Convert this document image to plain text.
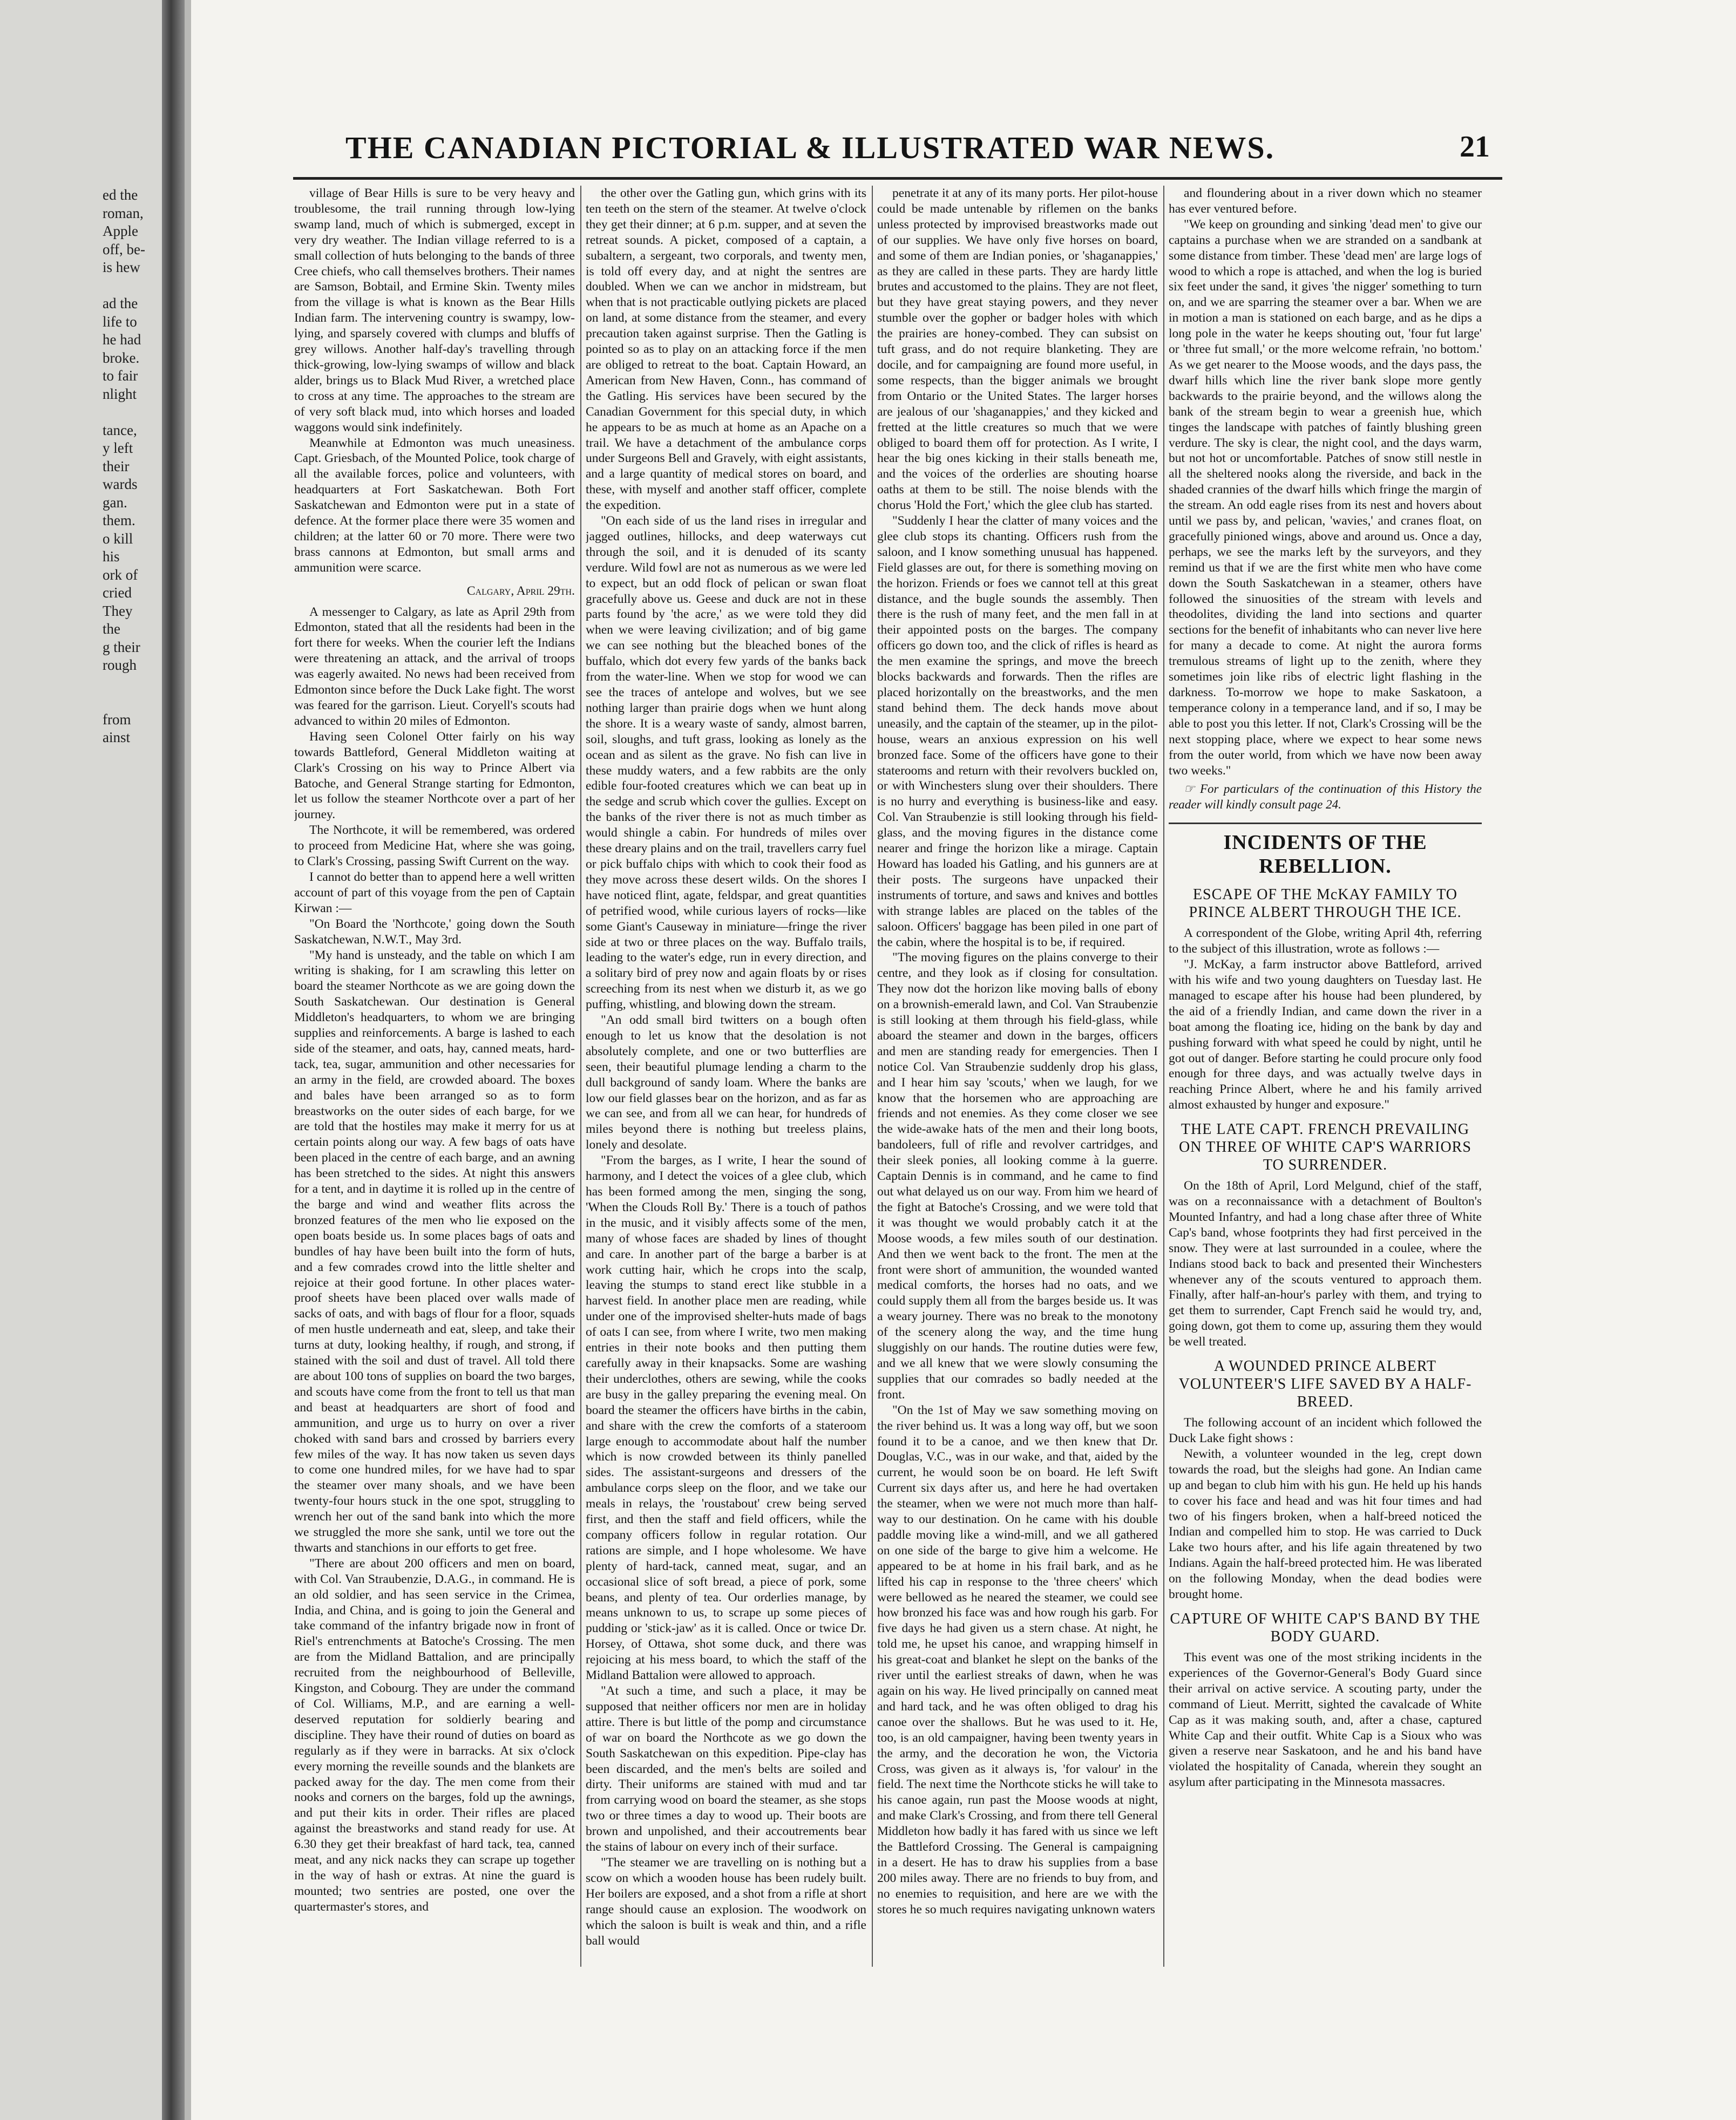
ed the
roman,
Apple
off, be-
is hew
ad the
life to
he had
broke.
to fair
nlight
tance,
y left
their
wards
gan.
them.
o kill
his
ork of
cried
They
the
g their
rough
from
ainst
THE CANADIAN PICTORIAL & ILLUSTRATED WAR NEWS.	21

village of Bear Hills is sure to be very heavy and troublesome, the trail running through low-lying swamp land, much of which is submerged, except in very dry weather. The Indian village referred to is a small collection of huts belonging to the bands of three Cree chiefs, who call themselves brothers. Their names are Samson, Bobtail, and Ermine Skin. Twenty miles from the village is what is known as the Bear Hills Indian farm. The intervening country is swampy, low-lying, and sparsely covered with clumps and bluffs of grey willows. Another half-day's travelling through thick-growing, low-lying swamps of willow and black alder, brings us to Black Mud River, a wretched place to cross at any time. The approaches to the stream are of very soft black mud, into which horses and loaded waggons would sink indefinitely.

Meanwhile at Edmonton was much uneasiness. Capt. Griesbach, of the Mounted Police, took charge of all the available forces, police and volunteers, with headquarters at Fort Saskatchewan. Both Fort Saskatchewan and Edmonton were put in a state of defence. At the former place there were 35 women and children; at the latter 60 or 70 more. There were two brass cannons at Edmonton, but small arms and ammunition were scarce.

Calgary, April 29th.

A messenger to Calgary, as late as April 29th from Edmonton, stated that all the residents had been in the fort there for weeks. When the courier left the Indians were threatening an attack, and the arrival of troops was eagerly awaited. No news had been received from Edmonton since before the Duck Lake fight. The worst was feared for the garrison. Lieut. Coryell's scouts had advanced to within 20 miles of Edmonton.

Having seen Colonel Otter fairly on his way towards Battleford, General Middleton waiting at Clark's Crossing on his way to Prince Albert via Batoche, and General Strange starting for Edmonton, let us follow the steamer Northcote over a part of her journey.

The Northcote, it will be remembered, was ordered to proceed from Medicine Hat, where she was going, to Clark's Crossing, passing Swift Current on the way.

I cannot do better than to append here a well written account of part of this voyage from the pen of Captain Kirwan :—

"On Board the 'Northcote,' going down the South Saskatchewan, N.W.T., May 3rd.

"My hand is unsteady, and the table on which I am writing is shaking, for I am scrawling this letter on board the steamer Northcote as we are going down the South Saskatchewan. Our destination is General Middleton's headquarters, to whom we are bringing supplies and reinforcements. A barge is lashed to each side of the steamer, and oats, hay, canned meats, hard-tack, tea, sugar, ammunition and other necessaries for an army in the field, are crowded aboard. The boxes and bales have been arranged so as to form breastworks on the outer sides of each barge, for we are told that the hostiles may make it merry for us at certain points along our way. A few bags of oats have been placed in the centre of each barge, and an awning has been stretched to the sides. At night this answers for a tent, and in daytime it is rolled up in the centre of the barge and wind and weather flits across the bronzed features of the men who lie exposed on the open boats beside us. In some places bags of oats and bundles of hay have been built into the form of huts, and a few comrades crowd into the little shelter and rejoice at their good fortune. In other places water-proof sheets have been placed over walls made of sacks of oats, and with bags of flour for a floor, squads of men hustle underneath and eat, sleep, and take their turns at duty, looking healthy, if rough, and strong, if stained with the soil and dust of travel. All told there are about 100 tons of supplies on board the two barges, and scouts have come from the front to tell us that man and beast at headquarters are short of food and ammunition, and urge us to hurry on over a river choked with sand bars and crossed by barriers every few miles of the way. It has now taken us seven days to come one hundred miles, for we have had to spar the steamer over many shoals, and we have been twenty-four hours stuck in the one spot, struggling to wrench her out of the sand bank into which the more we struggled the more she sank, until we tore out the thwarts and stanchions in our efforts to get free.

"There are about 200 officers and men on board, with Col. Van Straubenzie, D.A.G., in command. He is an old soldier, and has seen service in the Crimea, India, and China, and is going to join the General and take command of the infantry brigade now in front of Riel's entrenchments at Batoche's Crossing. The men are from the Midland Battalion, and are principally recruited from the neighbourhood of Belleville, Kingston, and Cobourg. They are under the command of Col. Williams, M.P., and are earning a well-deserved reputation for soldierly bearing and discipline. They have their round of duties on board as regularly as if they were in barracks. At six o'clock every morning the reveille sounds and the blankets are packed away for the day. The men come from their nooks and corners on the barges, fold up the awnings, and put their kits in order. Their rifles are placed against the breastworks and stand ready for use. At 6.30 they get their breakfast of hard tack, tea, canned meat, and any nick nacks they can scrape up together in the way of hash or extras. At nine the guard is mounted; two sentries are posted, one over the quartermaster's stores, and

the other over the Gatling gun, which grins with its ten teeth on the stern of the steamer. At twelve o'clock they get their dinner; at 6 p.m. supper, and at seven the retreat sounds. A picket, composed of a captain, a subaltern, a sergeant, two corporals, and twenty men, is told off every day, and at night the sentres are doubled. When we can we anchor in midstream, but when that is not practicable outlying pickets are placed on land, at some distance from the steamer, and every precaution taken against surprise. Then the Gatling is pointed so as to play on an attacking force if the men are obliged to retreat to the boat. Captain Howard, an American from New Haven, Conn., has command of the Gatling. His services have been secured by the Canadian Government for this special duty, in which he appears to be as much at home as an Apache on a trail. We have a detachment of the ambulance corps under Surgeons Bell and Gravely, with eight assistants, and a large quantity of medical stores on board, and these, with myself and another staff officer, complete the expedition.

"On each side of us the land rises in irregular and jagged outlines, hillocks, and deep waterways cut through the soil, and it is denuded of its scanty verdure. Wild fowl are not as numerous as we were led to expect, but an odd flock of pelican or swan float gracefully above us. Geese and duck are not in these parts found by 'the acre,' as we were told they did when we were leaving civilization; and of big game we can see nothing but the bleached bones of the buffalo, which dot every few yards of the banks back from the water-line. When we stop for wood we can see the traces of antelope and wolves, but we see nothing larger than prairie dogs when we hunt along the shore. It is a weary waste of sandy, almost barren, soil, sloughs, and tuft grass, looking as lonely as the ocean and as silent as the grave. No fish can live in these muddy waters, and a few rabbits are the only edible four-footed creatures which we can beat up in the sedge and scrub which cover the gullies. Except on the banks of the river there is not as much timber as would shingle a cabin. For hundreds of miles over these dreary plains and on the trail, travellers carry fuel or pick buffalo chips with which to cook their food as they move across these desert wilds. On the shores I have noticed flint, agate, feldspar, and great quantities of petrified wood, while curious layers of rocks—like some Giant's Causeway in miniature—fringe the river side at two or three places on the way. Buffalo trails, leading to the water's edge, run in every direction, and a solitary bird of prey now and again floats by or rises screeching from its nest when we disturb it, as we go puffing, whistling, and blowing down the stream.

"An odd small bird twitters on a bough often enough to let us know that the desolation is not absolutely complete, and one or two butterflies are seen, their beautiful plumage lending a charm to the dull background of sandy loam. Where the banks are low our field glasses bear on the horizon, and as far as we can see, and from all we can hear, for hundreds of miles beyond there is nothing but treeless plains, lonely and desolate.

"From the barges, as I write, I hear the sound of harmony, and I detect the voices of a glee club, which has been formed among the men, singing the song, 'When the Clouds Roll By.' There is a touch of pathos in the music, and it visibly affects some of the men, many of whose faces are shaded by lines of thought and care. In another part of the barge a barber is at work cutting hair, which he crops into the scalp, leaving the stumps to stand erect like stubble in a harvest field. In another place men are reading, while under one of the improvised shelter-huts made of bags of oats I can see, from where I write, two men making entries in their note books and then putting them carefully away in their knapsacks. Some are washing their underclothes, others are sewing, while the cooks are busy in the galley preparing the evening meal. On board the steamer the officers have births in the cabin, and share with the crew the comforts of a stateroom large enough to accommodate about half the number which is now crowded between its thinly panelled sides. The assistant-surgeons and dressers of the ambulance corps sleep on the floor, and we take our meals in relays, the 'roustabout' crew being served first, and then the staff and field officers, while the company officers follow in regular rotation. Our rations are simple, and I hope wholesome. We have plenty of hard-tack, canned meat, sugar, and an occasional slice of soft bread, a piece of pork, some beans, and plenty of tea. Our orderlies manage, by means unknown to us, to scrape up some pieces of pudding or 'stick-jaw' as it is called. Once or twice Dr. Horsey, of Ottawa, shot some duck, and there was rejoicing at his mess board, to which the staff of the Midland Battalion were allowed to approach.

"At such a time, and such a place, it may be supposed that neither officers nor men are in holiday attire. There is but little of the pomp and circumstance of war on board the Northcote as we go down the South Saskatchewan on this expedition. Pipe-clay has been discarded, and the men's belts are soiled and dirty. Their uniforms are stained with mud and tar from carrying wood on board the steamer, as she stops two or three times a day to wood up. Their boots are brown and unpolished, and their accoutrements bear the stains of labour on every inch of their surface.

"The steamer we are travelling on is nothing but a scow on which a wooden house has been rudely built. Her boilers are exposed, and a shot from a rifle at short range should cause an explosion. The woodwork on which the saloon is built is weak and thin, and a rifle ball would

penetrate it at any of its many ports. Her pilot-house could be made untenable by riflemen on the banks unless protected by improvised breastworks made out of our supplies. We have only five horses on board, and some of them are Indian ponies, or 'shaganappies,' as they are called in these parts. They are hardy little brutes and accustomed to the plains. They are not fleet, but they have great staying powers, and they never stumble over the gopher or badger holes with which the prairies are honey-combed. They can subsist on tuft grass, and do not require blanketing. They are docile, and for campaigning are found more useful, in some respects, than the bigger animals we brought from Ontario or the United States. The larger horses are jealous of our 'shaganappies,' and they kicked and fretted at the little creatures so much that we were obliged to board them off for protection. As I write, I hear the big ones kicking in their stalls beneath me, and the voices of the orderlies are shouting hoarse oaths at them to be still. The noise blends with the chorus 'Hold the Fort,' which the glee club has started.

"Suddenly I hear the clatter of many voices and the glee club stops its chanting. Officers rush from the saloon, and I know something unusual has happened. Field glasses are out, for there is something moving on the horizon. Friends or foes we cannot tell at this great distance, and the bugle sounds the assembly. Then there is the rush of many feet, and the men fall in at their appointed posts on the barges. The company officers go down too, and the click of rifles is heard as the men examine the springs, and move the breech blocks backwards and forwards. Then the rifles are placed horizontally on the breastworks, and the men stand behind them. The deck hands move about uneasily, and the captain of the steamer, up in the pilot-house, wears an anxious expression on his well bronzed face. Some of the officers have gone to their staterooms and return with their revolvers buckled on, or with Winchesters slung over their shoulders. There is no hurry and everything is business-like and easy. Col. Van Straubenzie is still looking through his field-glass, and the moving figures in the distance come nearer and fringe the horizon like a mirage. Captain Howard has loaded his Gatling, and his gunners are at their posts. The surgeons have unpacked their instruments of torture, and saws and knives and bottles with strange lables are placed on the tables of the saloon. Officers' baggage has been piled in one part of the cabin, where the hospital is to be, if required.

"The moving figures on the plains converge to their centre, and they look as if closing for consultation. They now dot the horizon like moving balls of ebony on a brownish-emerald lawn, and Col. Van Straubenzie is still looking at them through his field-glass, while aboard the steamer and down in the barges, officers and men are standing ready for emergencies. Then I notice Col. Van Straubenzie suddenly drop his glass, and I hear him say 'scouts,' when we laugh, for we know that the horsemen who are approaching are friends and not enemies. As they come closer we see the wide-awake hats of the men and their long boots, bandoleers, full of rifle and revolver cartridges, and their sleek ponies, all looking comme à la guerre. Captain Dennis is in command, and he came to find out what delayed us on our way. From him we heard of the fight at Batoche's Crossing, and we were told that it was thought we would probably catch it at the Moose woods, a few miles south of our destination. And then we went back to the front. The men at the front were short of ammunition, the wounded wanted medical comforts, the horses had no oats, and we could supply them all from the barges beside us. It was a weary journey. There was no break to the monotony of the scenery along the way, and the time hung sluggishly on our hands. The routine duties were few, and we all knew that we were slowly consuming the supplies that our comrades so badly needed at the front.

"On the 1st of May we saw something moving on the river behind us. It was a long way off, but we soon found it to be a canoe, and we then knew that Dr. Douglas, V.C., was in our wake, and that, aided by the current, he would soon be on board. He left Swift Current six days after us, and here he had overtaken the steamer, when we were not much more than half-way to our destination. On he came with his double paddle moving like a wind-mill, and we all gathered on one side of the barge to give him a welcome. He appeared to be at home in his frail bark, and as he lifted his cap in response to the 'three cheers' which were bellowed as he neared the steamer, we could see how bronzed his face was and how rough his garb. For five days he had given us a stern chase. At night, he told me, he upset his canoe, and wrapping himself in his great-coat and blanket he slept on the banks of the river until the earliest streaks of dawn, when he was again on his way. He lived principally on canned meat and hard tack, and he was often obliged to drag his canoe over the shallows. But he was used to it. He, too, is an old campaigner, having been twenty years in the army, and the decoration he won, the Victoria Cross, was given as it always is, 'for valour' in the field. The next time the Northcote sticks he will take to his canoe again, run past the Moose woods at night, and make Clark's Crossing, and from there tell General Middleton how badly it has fared with us since we left the Battleford Crossing. The General is campaigning in a desert. He has to draw his supplies from a base 200 miles away. There are no friends to buy from, and no enemies to requisition, and here are we with the stores he so much requires navigating unknown waters

and floundering about in a river down which no steamer has ever ventured before.

"We keep on grounding and sinking 'dead men' to give our captains a purchase when we are stranded on a sandbank at some distance from timber. These 'dead men' are large logs of wood to which a rope is attached, and when the log is buried six feet under the sand, it gives 'the nigger' something to turn on, and we are sparring the steamer over a bar. When we are in motion a man is stationed on each barge, and as he dips a long pole in the water he keeps shouting out, 'four fut large' or 'three fut small,' or the more welcome refrain, 'no bottom.' As we get nearer to the Moose woods, and the days pass, the dwarf hills which line the river bank slope more gently backwards to the prairie beyond, and the willows along the bank of the stream begin to wear a greenish hue, which tinges the landscape with patches of faintly blushing green verdure. The sky is clear, the night cool, and the days warm, but not hot or uncomfortable. Patches of snow still nestle in all the sheltered nooks along the riverside, and back in the shaded crannies of the dwarf hills which fringe the margin of the stream. An odd eagle rises from its nest and hovers about until we pass by, and pelican, 'wavies,' and cranes float, on gracefully pinioned wings, above and around us. Once a day, perhaps, we see the marks left by the surveyors, and they remind us that if we are the first white men who have come down the South Saskatchewan in a steamer, others have followed the sinuosities of the stream with levels and theodolites, dividing the land into sections and quarter sections for the benefit of inhabitants who can never live here for many a decade to come. At night the aurora forms tremulous streams of light up to the zenith, where they sometimes join like ribs of electric light flashing in the darkness. To-morrow we hope to make Saskatoon, a temperance colony in a temperance land, and if so, I may be able to post you this letter. If not, Clark's Crossing will be the next stopping place, where we expect to hear some news from the outer world, from which we have now been away two weeks."

☞ For particulars of the continuation of this History the reader will kindly consult page 24.

INCIDENTS OF THE REBELLION.

ESCAPE OF THE McKAY FAMILY TO PRINCE ALBERT THROUGH THE ICE.

A correspondent of the Globe, writing April 4th, referring to the subject of this illustration, wrote as follows :—

"J. McKay, a farm instructor above Battleford, arrived with his wife and two young daughters on Tuesday last. He managed to escape after his house had been plundered, by the aid of a friendly Indian, and came down the river in a boat among the floating ice, hiding on the bank by day and pushing forward with what speed he could by night, until he got out of danger. Before starting he could procure only food enough for three days, and was actually twelve days in reaching Prince Albert, where he and his family arrived almost exhausted by hunger and exposure."

THE LATE CAPT. FRENCH PREVAILING ON THREE OF WHITE CAP'S WARRIORS TO SURRENDER.

On the 18th of April, Lord Melgund, chief of the staff, was on a reconnaissance with a detachment of Boulton's Mounted Infantry, and had a long chase after three of White Cap's band, whose footprints they had first perceived in the snow. They were at last surrounded in a coulee, where the Indians stood back to back and presented their Winchesters whenever any of the scouts ventured to approach them. Finally, after half-an-hour's parley with them, and trying to get them to surrender, Capt French said he would try, and, going down, got them to come up, assuring them they would be well treated.

A WOUNDED PRINCE ALBERT VOLUNTEER'S LIFE SAVED BY A HALF-BREED.

The following account of an incident which followed the Duck Lake fight shows :

Newith, a volunteer wounded in the leg, crept down towards the road, but the sleighs had gone. An Indian came up and began to club him with his gun. He held up his hands to cover his face and head and was hit four times and had two of his fingers broken, when a half-breed noticed the Indian and compelled him to stop. He was carried to Duck Lake two hours after, and his life again threatened by two Indians. Again the half-breed protected him. He was liberated on the following Monday, when the dead bodies were brought home.

CAPTURE OF WHITE CAP'S BAND BY THE BODY GUARD.

This event was one of the most striking incidents in the experiences of the Governor-General's Body Guard since their arrival on active service. A scouting party, under the command of Lieut. Merritt, sighted the cavalcade of White Cap as it was making south, and, after a chase, captured White Cap and their outfit. White Cap is a Sioux who was given a reserve near Saskatoon, and he and his band have violated the hospitality of Canada, wherein they sought an asylum after participating in the Minnesota massacres.
